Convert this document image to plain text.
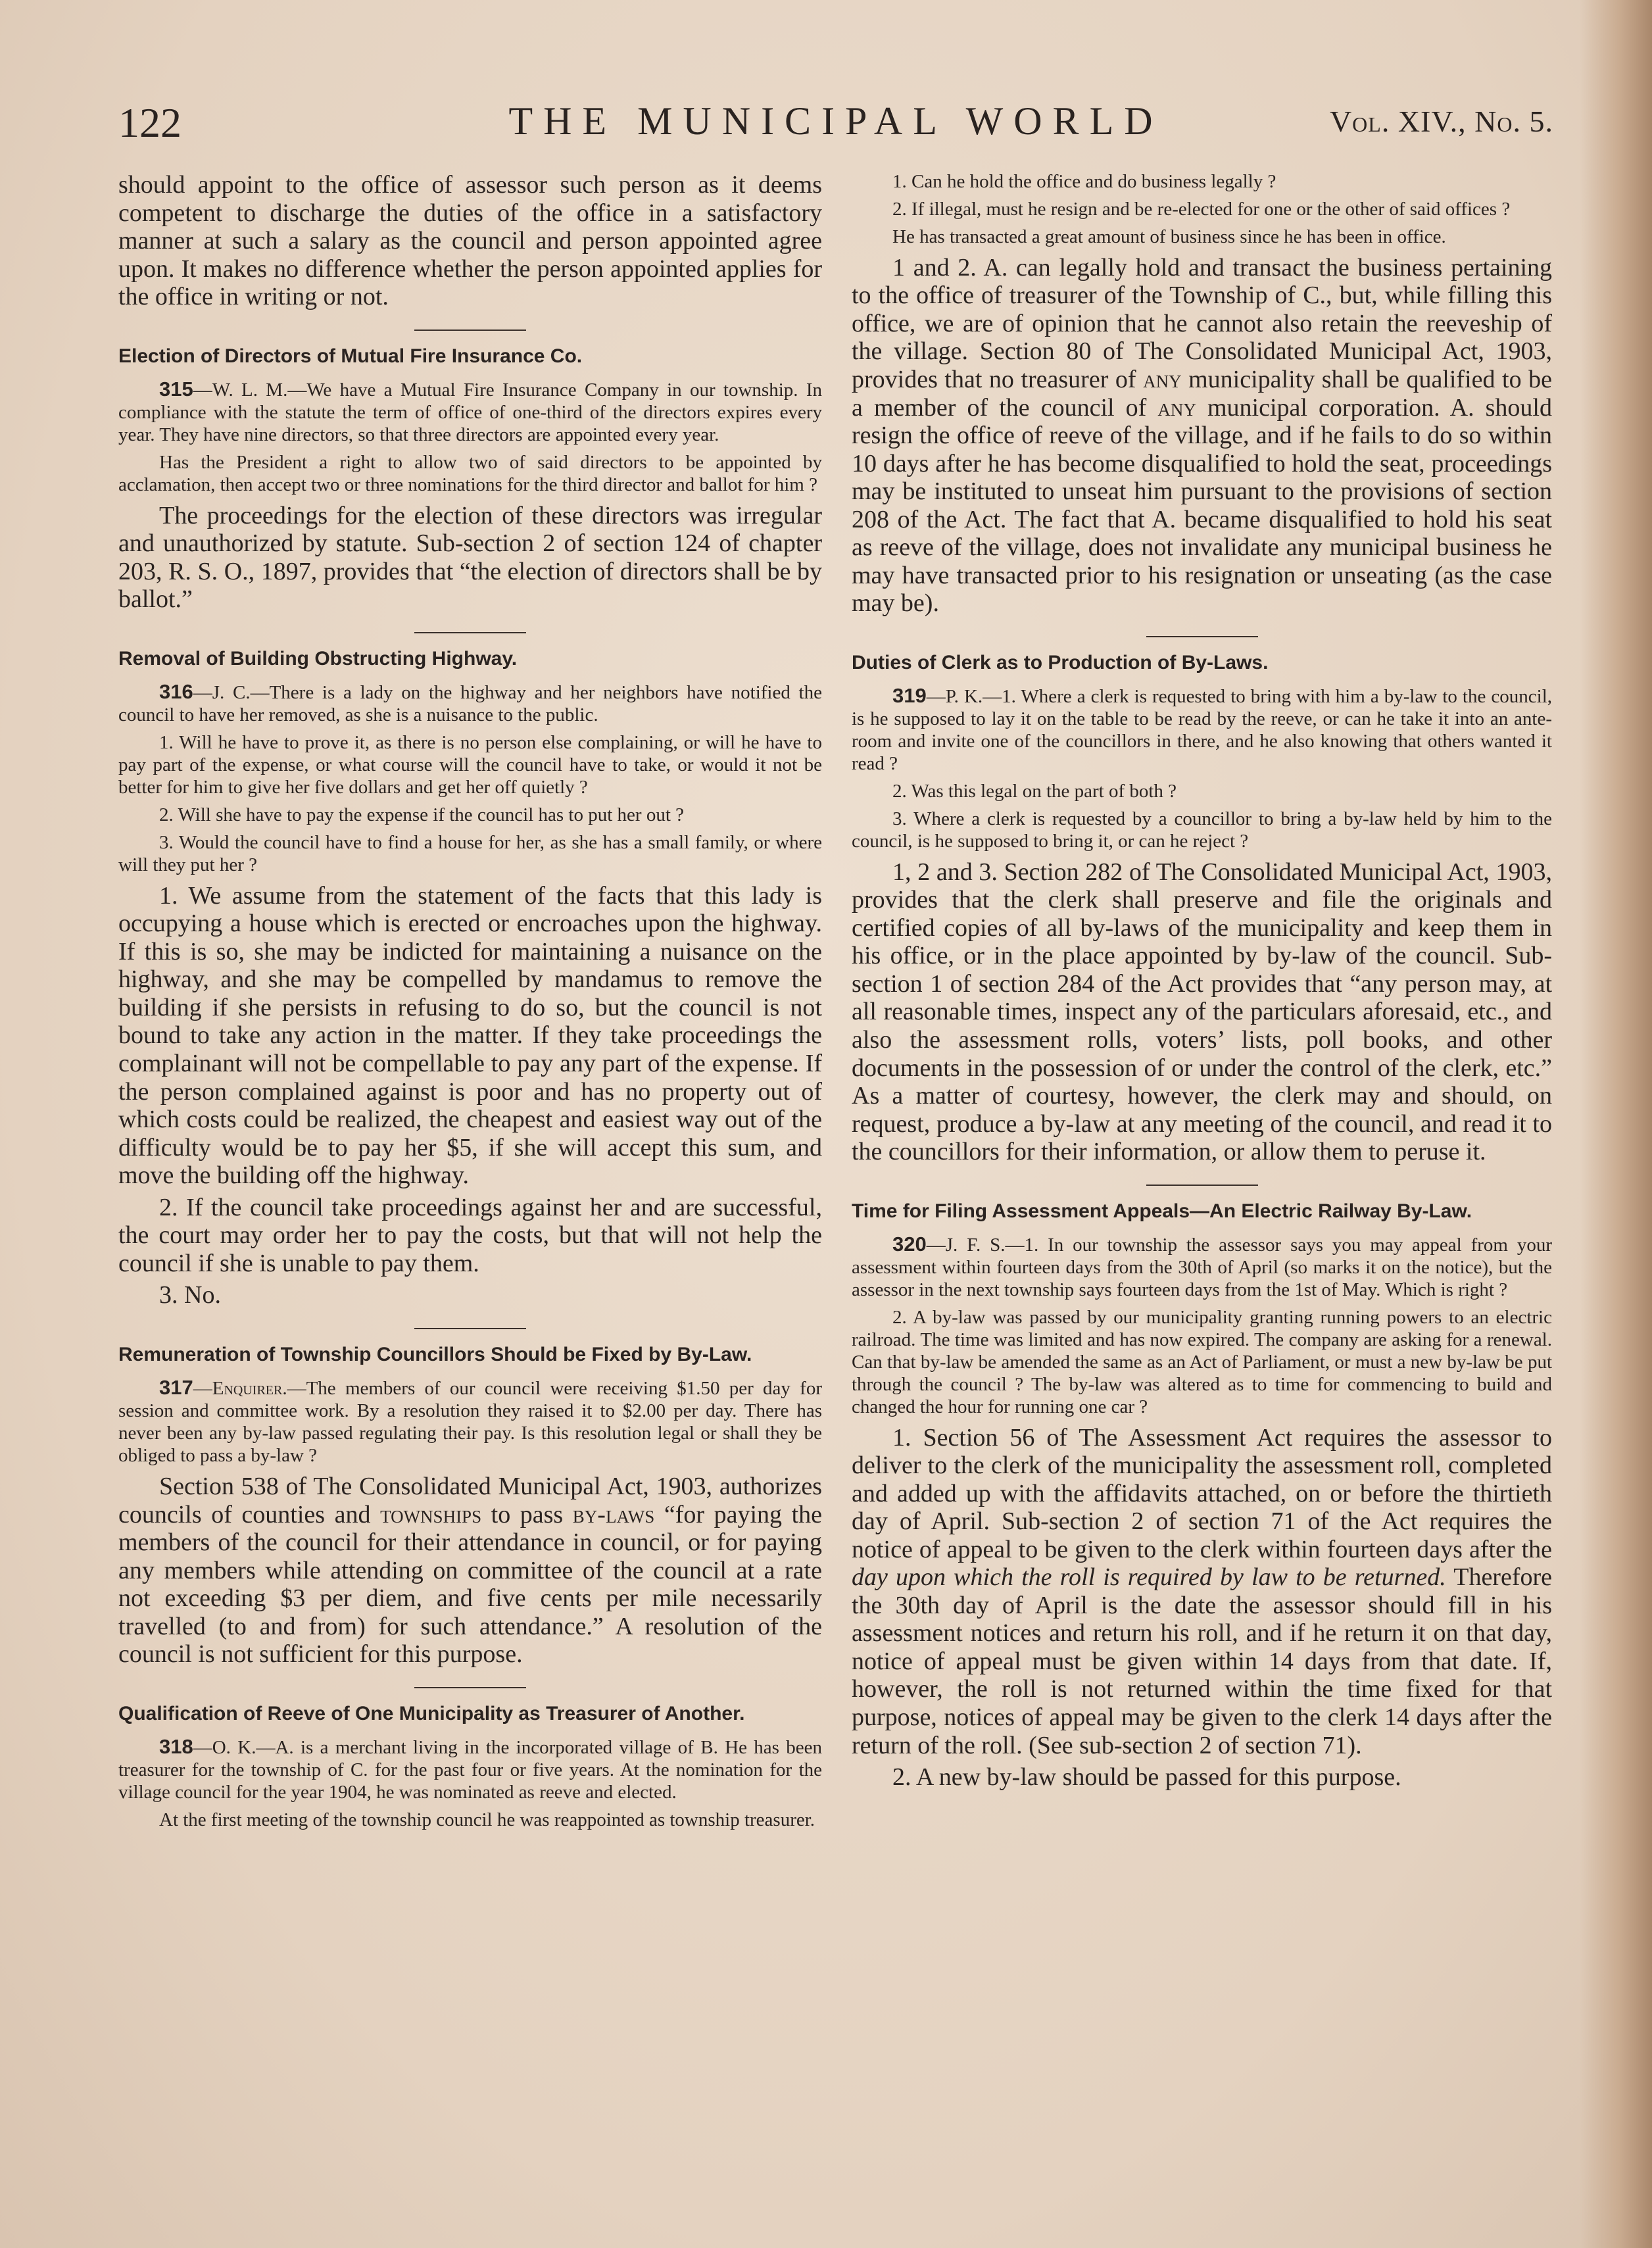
122	THE MUNICIPAL WORLD	Vol. XIV., No. 5.

should appoint to the office of assessor such person as it deems competent to discharge the duties of the office in a satisfactory manner at such a salary as the council and person appointed agree upon. It makes no difference whether the person appointed applies for the office in writing or not.

Election of Directors of Mutual Fire Insurance Co.

315—W. L. M.—We have a Mutual Fire Insurance Company in our township. In compliance with the statute the term of office of one-third of the directors expires every year. They have nine directors, so that three directors are appointed every year.

Has the President a right to allow two of said directors to be appointed by acclamation, then accept two or three nominations for the third director and ballot for him ?

The proceedings for the election of these directors was irregular and unauthorized by statute. Sub-section 2 of section 124 of chapter 203, R. S. O., 1897, provides that “the election of directors shall be by ballot.”

Removal of Building Obstructing Highway.

316—J. C.—There is a lady on the highway and her neighbors have notified the council to have her removed, as she is a nuisance to the public.

1. Will he have to prove it, as there is no person else complaining, or will he have to pay part of the expense, or what course will the council have to take, or would it not be better for him to give her five dollars and get her off quietly ?

2. Will she have to pay the expense if the council has to put her out ?

3. Would the council have to find a house for her, as she has a small family, or where will they put her ?

1. We assume from the statement of the facts that this lady is occupying a house which is erected or encroaches upon the highway. If this is so, she may be indicted for maintaining a nuisance on the highway, and she may be compelled by mandamus to remove the building if she persists in refusing to do so, but the council is not bound to take any action in the matter. If they take proceedings the complainant will not be compellable to pay any part of the expense. If the person complained against is poor and has no property out of which costs could be realized, the cheapest and easiest way out of the difficulty would be to pay her $5, if she will accept this sum, and move the building off the highway.

2. If the council take proceedings against her and are successful, the court may order her to pay the costs, but that will not help the council if she is unable to pay them.

3. No.

Remuneration of Township Councillors Should be Fixed by By-Law.

317—Enquirer.—The members of our council were receiving $1.50 per day for session and committee work. By a resolution they raised it to $2.00 per day. There has never been any by-law passed regulating their pay. Is this resolution legal or shall they be obliged to pass a by-law ?

Section 538 of The Consolidated Municipal Act, 1903, authorizes councils of counties and townships to pass by-laws “for paying the members of the council for their attendance in council, or for paying any members while attending on committee of the council at a rate not exceeding $3 per diem, and five cents per mile necessarily travelled (to and from) for such attendance.” A resolution of the council is not sufficient for this purpose.

Qualification of Reeve of One Municipality as Treasurer of Another.

318—O. K.—A. is a merchant living in the incorporated village of B. He has been treasurer for the township of C. for the past four or five years. At the nomination for the village council for the year 1904, he was nominated as reeve and elected.

At the first meeting of the township council he was reappointed as township treasurer.

1. Can he hold the office and do business legally ?

2. If illegal, must he resign and be re-elected for one or the other of said offices ?

He has transacted a great amount of business since he has been in office.

1 and 2. A. can legally hold and transact the business pertaining to the office of treasurer of the Township of C., but, while filling this office, we are of opinion that he cannot also retain the reeveship of the village. Section 80 of The Consolidated Municipal Act, 1903, provides that no treasurer of any municipality shall be qualified to be a member of the council of any municipal corporation. A. should resign the office of reeve of the village, and if he fails to do so within 10 days after he has become disqualified to hold the seat, proceedings may be instituted to unseat him pursuant to the provisions of section 208 of the Act. The fact that A. became disqualified to hold his seat as reeve of the village, does not invalidate any municipal business he may have transacted prior to his resignation or unseating (as the case may be).

Duties of Clerk as to Production of By-Laws.

319—P. K.—1. Where a clerk is requested to bring with him a by-law to the council, is he supposed to lay it on the table to be read by the reeve, or can he take it into an ante-room and invite one of the councillors in there, and he also knowing that others wanted it read ?

2. Was this legal on the part of both ?

3. Where a clerk is requested by a councillor to bring a by-law held by him to the council, is he supposed to bring it, or can he reject ?

1, 2 and 3. Section 282 of The Consolidated Municipal Act, 1903, provides that the clerk shall preserve and file the originals and certified copies of all by-laws of the municipality and keep them in his office, or in the place appointed by by-law of the council. Sub-section 1 of section 284 of the Act provides that “any person may, at all reasonable times, inspect any of the particulars aforesaid, etc., and also the assessment rolls, voters’ lists, poll books, and other documents in the possession of or under the control of the clerk, etc.” As a matter of courtesy, however, the clerk may and should, on request, produce a by-law at any meeting of the council, and read it to the councillors for their information, or allow them to peruse it.

Time for Filing Assessment Appeals—An Electric Railway By-Law.

320—J. F. S.—1. In our township the assessor says you may appeal from your assessment within fourteen days from the 30th of April (so marks it on the notice), but the assessor in the next township says fourteen days from the 1st of May. Which is right ?

2. A by-law was passed by our municipality granting running powers to an electric railroad. The time was limited and has now expired. The company are asking for a renewal. Can that by-law be amended the same as an Act of Parliament, or must a new by-law be put through the council ? The by-law was altered as to time for commencing to build and changed the hour for running one car ?

1. Section 56 of The Assessment Act requires the assessor to deliver to the clerk of the municipality the assessment roll, completed and added up with the affidavits attached, on or before the thirtieth day of April. Sub-section 2 of section 71 of the Act requires the notice of appeal to be given to the clerk within fourteen days after the day upon which the roll is required by law to be returned. Therefore the 30th day of April is the date the assessor should fill in his assessment notices and return his roll, and if he return it on that day, notice of appeal must be given within 14 days from that date. If, however, the roll is not returned within the time fixed for that purpose, notices of appeal may be given to the clerk 14 days after the return of the roll. (See sub-section 2 of section 71).

2. A new by-law should be passed for this purpose.
